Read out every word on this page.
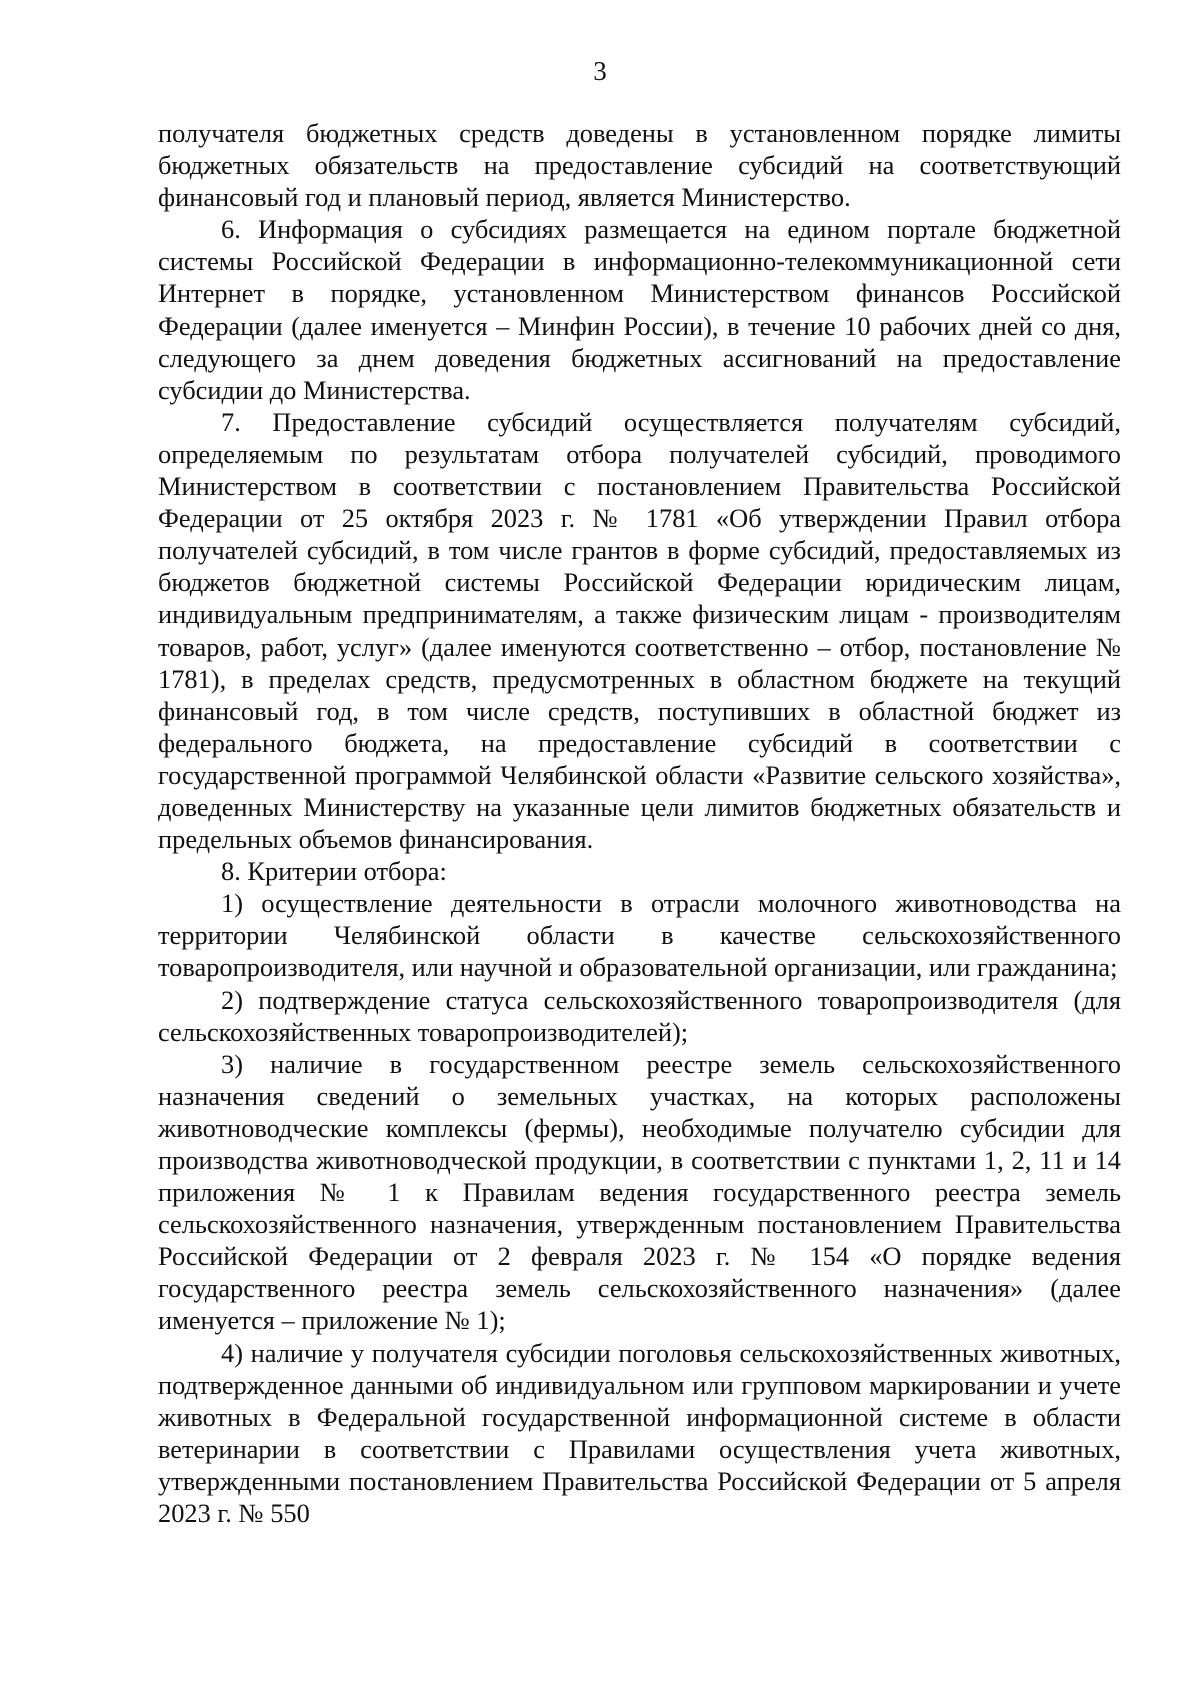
3

получателя бюджетных средств доведены в установленном порядке лимиты бюджетных обязательств на предоставление субсидий на соответствующий финансовый год и плановый период, является Министерство.

6. Информация о субсидиях размещается на едином портале бюджетной системы Российской Федерации в информационно-телекоммуникационной сети Интернет в порядке, установленном Министерством финансов Российской Федерации (далее именуется – Минфин России), в течение 10 рабочих дней со дня, следующего за днем доведения бюджетных ассигнований на предоставление субсидии до Министерства.

7. Предоставление субсидий осуществляется получателям субсидий, определяемым по результатам отбора получателей субсидий, проводимого Министерством в соответствии с постановлением Правительства Российской Федерации от 25 октября 2023 г. № 1781 «Об утверждении Правил отбора получателей субсидий, в том числе грантов в форме субсидий, предоставляемых из бюджетов бюджетной системы Российской Федерации юридическим лицам, индивидуальным предпринимателям, а также физическим лицам - производителям товаров, работ, услуг» (далее именуются соответственно – отбор, постановление № 1781), в пределах средств, предусмотренных в областном бюджете на текущий финансовый год, в том числе средств, поступивших в областной бюджет из федерального бюджета, на предоставление субсидий в соответствии с государственной программой Челябинской области «Развитие сельского хозяйства», доведенных Министерству на указанные цели лимитов бюджетных обязательств и предельных объемов финансирования.

8. Критерии отбора:

1) осуществление деятельности в отрасли молочного животноводства на территории Челябинской области в качестве сельскохозяйственного товаропроизводителя, или научной и образовательной организации, или гражданина;

2) подтверждение статуса сельскохозяйственного товаропроизводителя (для сельскохозяйственных товаропроизводителей);

3) наличие в государственном реестре земель сельскохозяйственного назначения сведений о земельных участках, на которых расположены животноводческие комплексы (фермы), необходимые получателю субсидии для производства животноводческой продукции, в соответствии с пунктами 1, 2, 11 и 14 приложения № 1 к Правилам ведения государственного реестра земель сельскохозяйственного назначения, утвержденным постановлением Правительства Российской Федерации от 2 февраля 2023 г. № 154 «О порядке ведения государственного реестра земель сельскохозяйственного назначения» (далее именуется – приложение № 1);

4) наличие у получателя субсидии поголовья сельскохозяйственных животных, подтвержденное данными об индивидуальном или групповом маркировании и учете животных в Федеральной государственной информационной системе в области ветеринарии в соответствии с Правилами осуществления учета животных, утвержденными постановлением Правительства Российской Федерации от 5 апреля 2023 г. № 550
